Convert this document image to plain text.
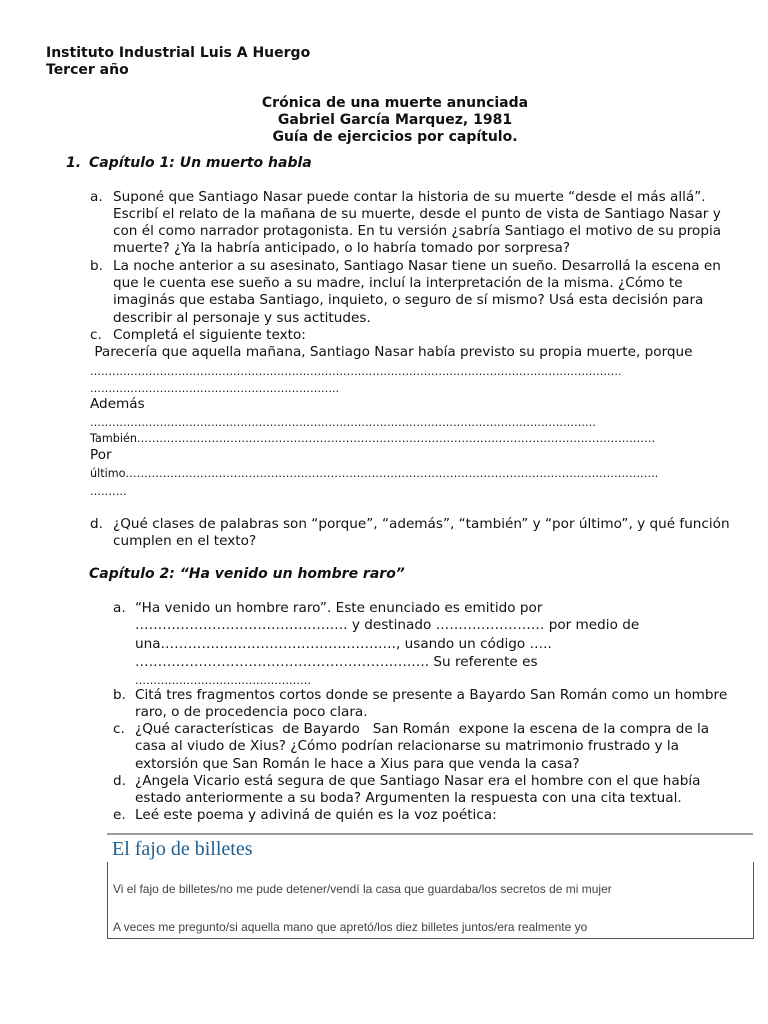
Instituto Industrial Luis A Huergo
Tercer año
Crónica de una muerte anunciada
Gabriel García Marquez, 1981
Guía de ejercicios por capítulo.
1. Capítulo 1: Un muerto habla
a. Suponé que Santiago Nasar puede contar la historia de su muerte “desde el más allá”.
Escribí el relato de la mañana de su muerte, desde el punto de vista de Santiago Nasar y
con él como narrador protagonista. En tu versión ¿sabría Santiago el motivo de su propia
muerte? ¿Ya la habría anticipado, o lo habría tomado por sorpresa?
b. La noche anterior a su asesinato, Santiago Nasar tiene un sueño. Desarrollá la escena en
que le cuenta ese sueño a su madre, incluí la interpretación de la misma. ¿Cómo te
imaginás que estaba Santiago, inquieto, o seguro de sí mismo? Usá esta decisión para
describir al personaje y sus actitudes.
c. Completá el siguiente texto:
Parecería que aquella mañana, Santiago Nasar había previsto su propia muerte, porque
……………………………………………………………………………………………………………………………….
…………………………………………………………..
Además
…………………………………………………………………………………………………………………………
También………………………………………………………………………………………………………………………….
Por
último……………………………………………………………………………………………………………………………..
……….
d. ¿Qué clases de palabras son “porque”, “además”, “también” y “por último”, y qué función
cumplen en el texto?
Capítulo 2: “Ha venido un hombre raro”
a. “Ha venido un hombre raro”. Este enunciado es emitido por
…………………………………….…. y destinado …………………… por medio de
una……………………………………………., usando un código …..
…………………………………………………….…. Su referente es
…………………………………………
b. Citá tres fragmentos cortos donde se presente a Bayardo San Román como un hombre
raro, o de procedencia poco clara.
c. ¿Qué características  de Bayardo   San Román  expone la escena de la compra de la
casa al viudo de Xius? ¿Cómo podrían relacionarse su matrimonio frustrado y la
extorsión que San Román le hace a Xius para que venda la casa?
d. ¿Angela Vicario está segura de que Santiago Nasar era el hombre con el que había
estado anteriormente a su boda? Argumenten la respuesta con una cita textual.
e. Leé este poema y adiviná de quién es la voz poética:
El fajo de billetes
Vi el fajo de billetes/no me pude detener/vendí la casa que guardaba/los secretos de mi mujer
A veces me pregunto/si aquella mano que apretó/los diez billetes juntos/era realmente yo
